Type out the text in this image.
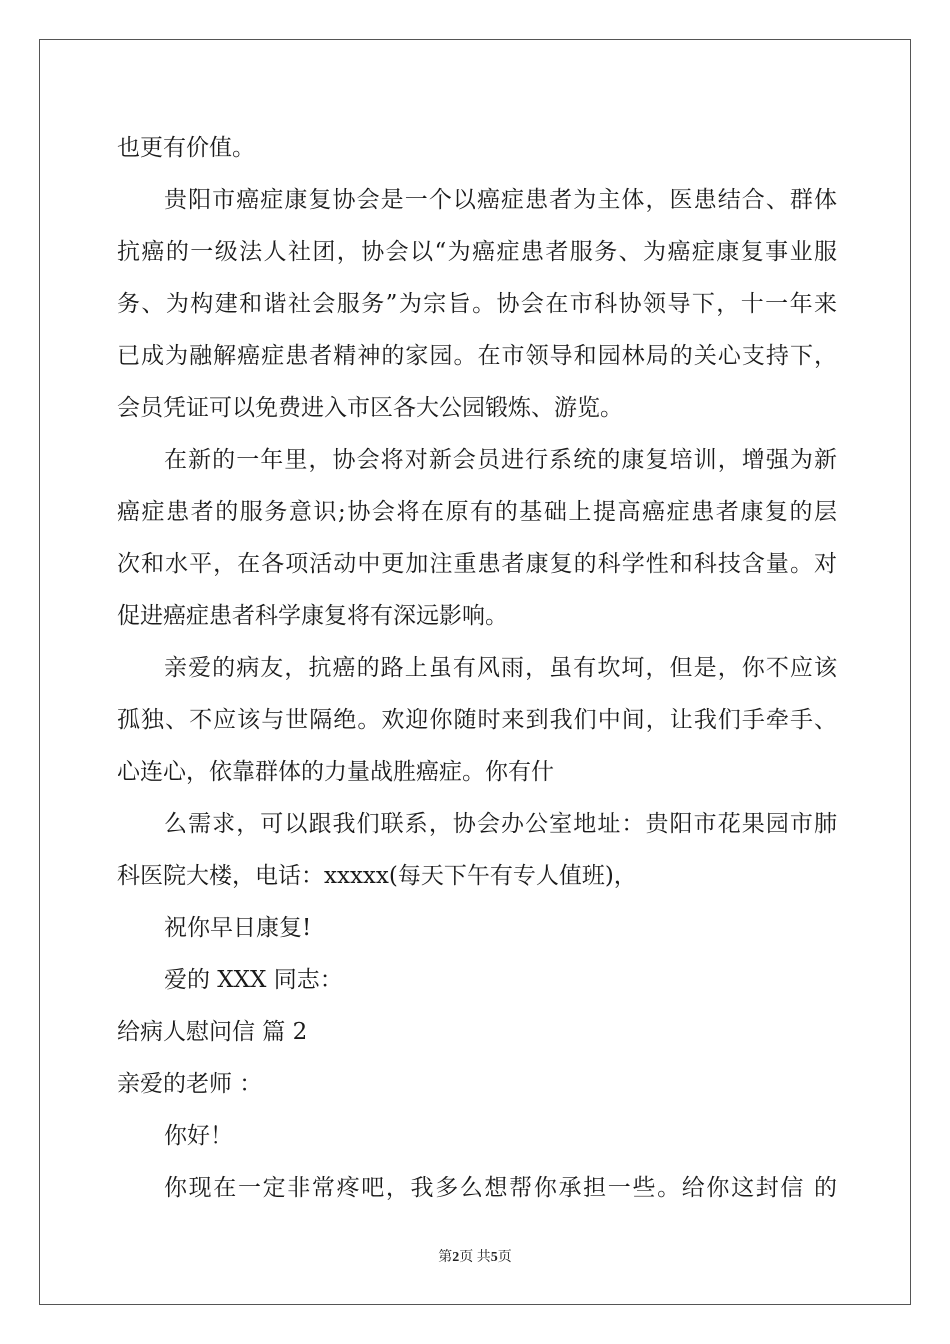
也更有价值。
贵阳市癌症康复协会是一个以癌症患者为主体，医患结合、群体
抗癌的一级法人社团，协会以“为癌症患者服务、为癌症康复事业服
务、为构建和谐社会服务”为宗旨。协会在市科协领导下，十一年来
已成为融解癌症患者精神的家园。在市领导和园林局的关心支持下，
会员凭证可以免费进入市区各大公园锻炼、游览。
在新的一年里，协会将对新会员进行系统的康复培训，增强为新
癌症患者的服务意识;协会将在原有的基础上提高癌症患者康复的层
次和水平，在各项活动中更加注重患者康复的科学性和科技含量。对
促进癌症患者科学康复将有深远影响。
亲爱的病友，抗癌的路上虽有风雨，虽有坎坷，但是，你不应该
孤独、不应该与世隔绝。欢迎你随时来到我们中间，让我们手牵手、
心连心，依靠群体的力量战胜癌症。你有什
么需求，可以跟我们联系，协会办公室地址：贵阳市花果园市肺
科医院大楼，电话：xxxxx(每天下午有专人值班)，
祝你早日康复!
爱的 XXX 同志：
给病人慰问信 篇 2
亲爱的老师 ：
你好！
你现在一定非常疼吧，我多么想帮你承担一些。给你这封信 的
第2页 共5页
